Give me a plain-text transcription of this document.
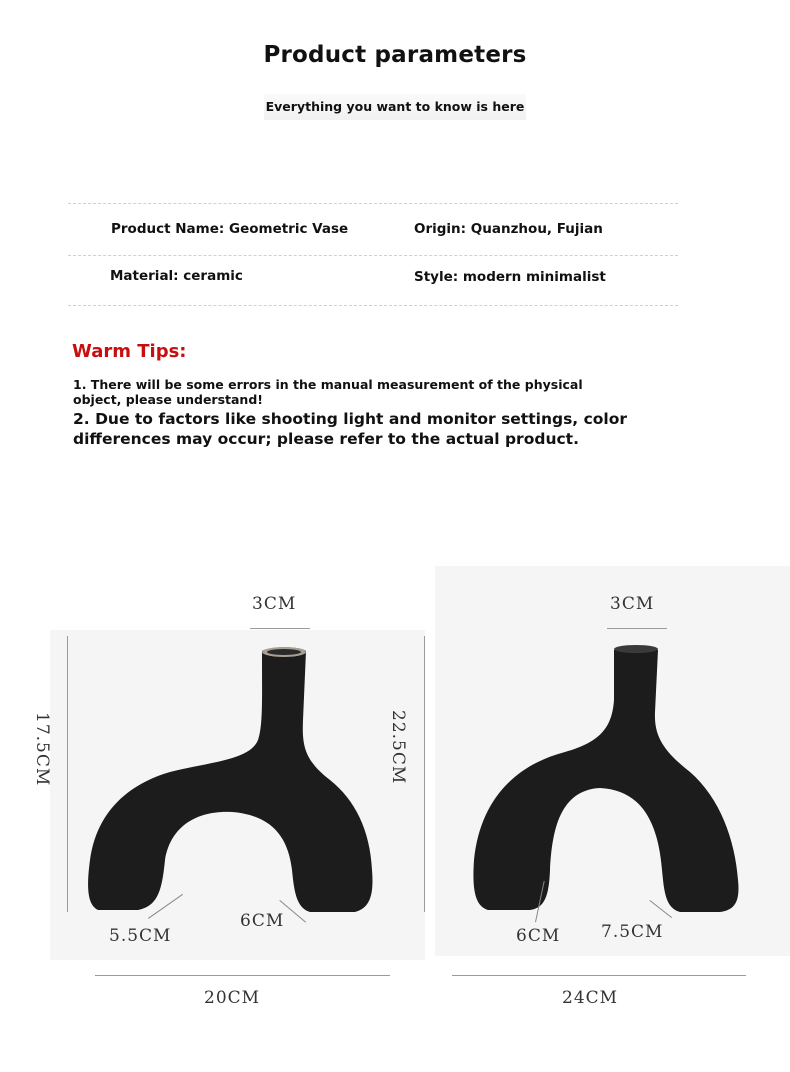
Product parameters
Everything you want to know is here
Product Name: Geometric Vase	Origin: Quanzhou, Fujian
Material: ceramic	Style: modern minimalist
Warm Tips:
1. There will be some errors in the manual measurement of the physical object, please understand!
2. Due to factors like shooting light and monitor settings, color differences may occur; please refer to the actual product.
3CM
17.5CM
5.5CM
6CM
20CM
3CM
22.5CM
6CM 7.5CM
24CM
